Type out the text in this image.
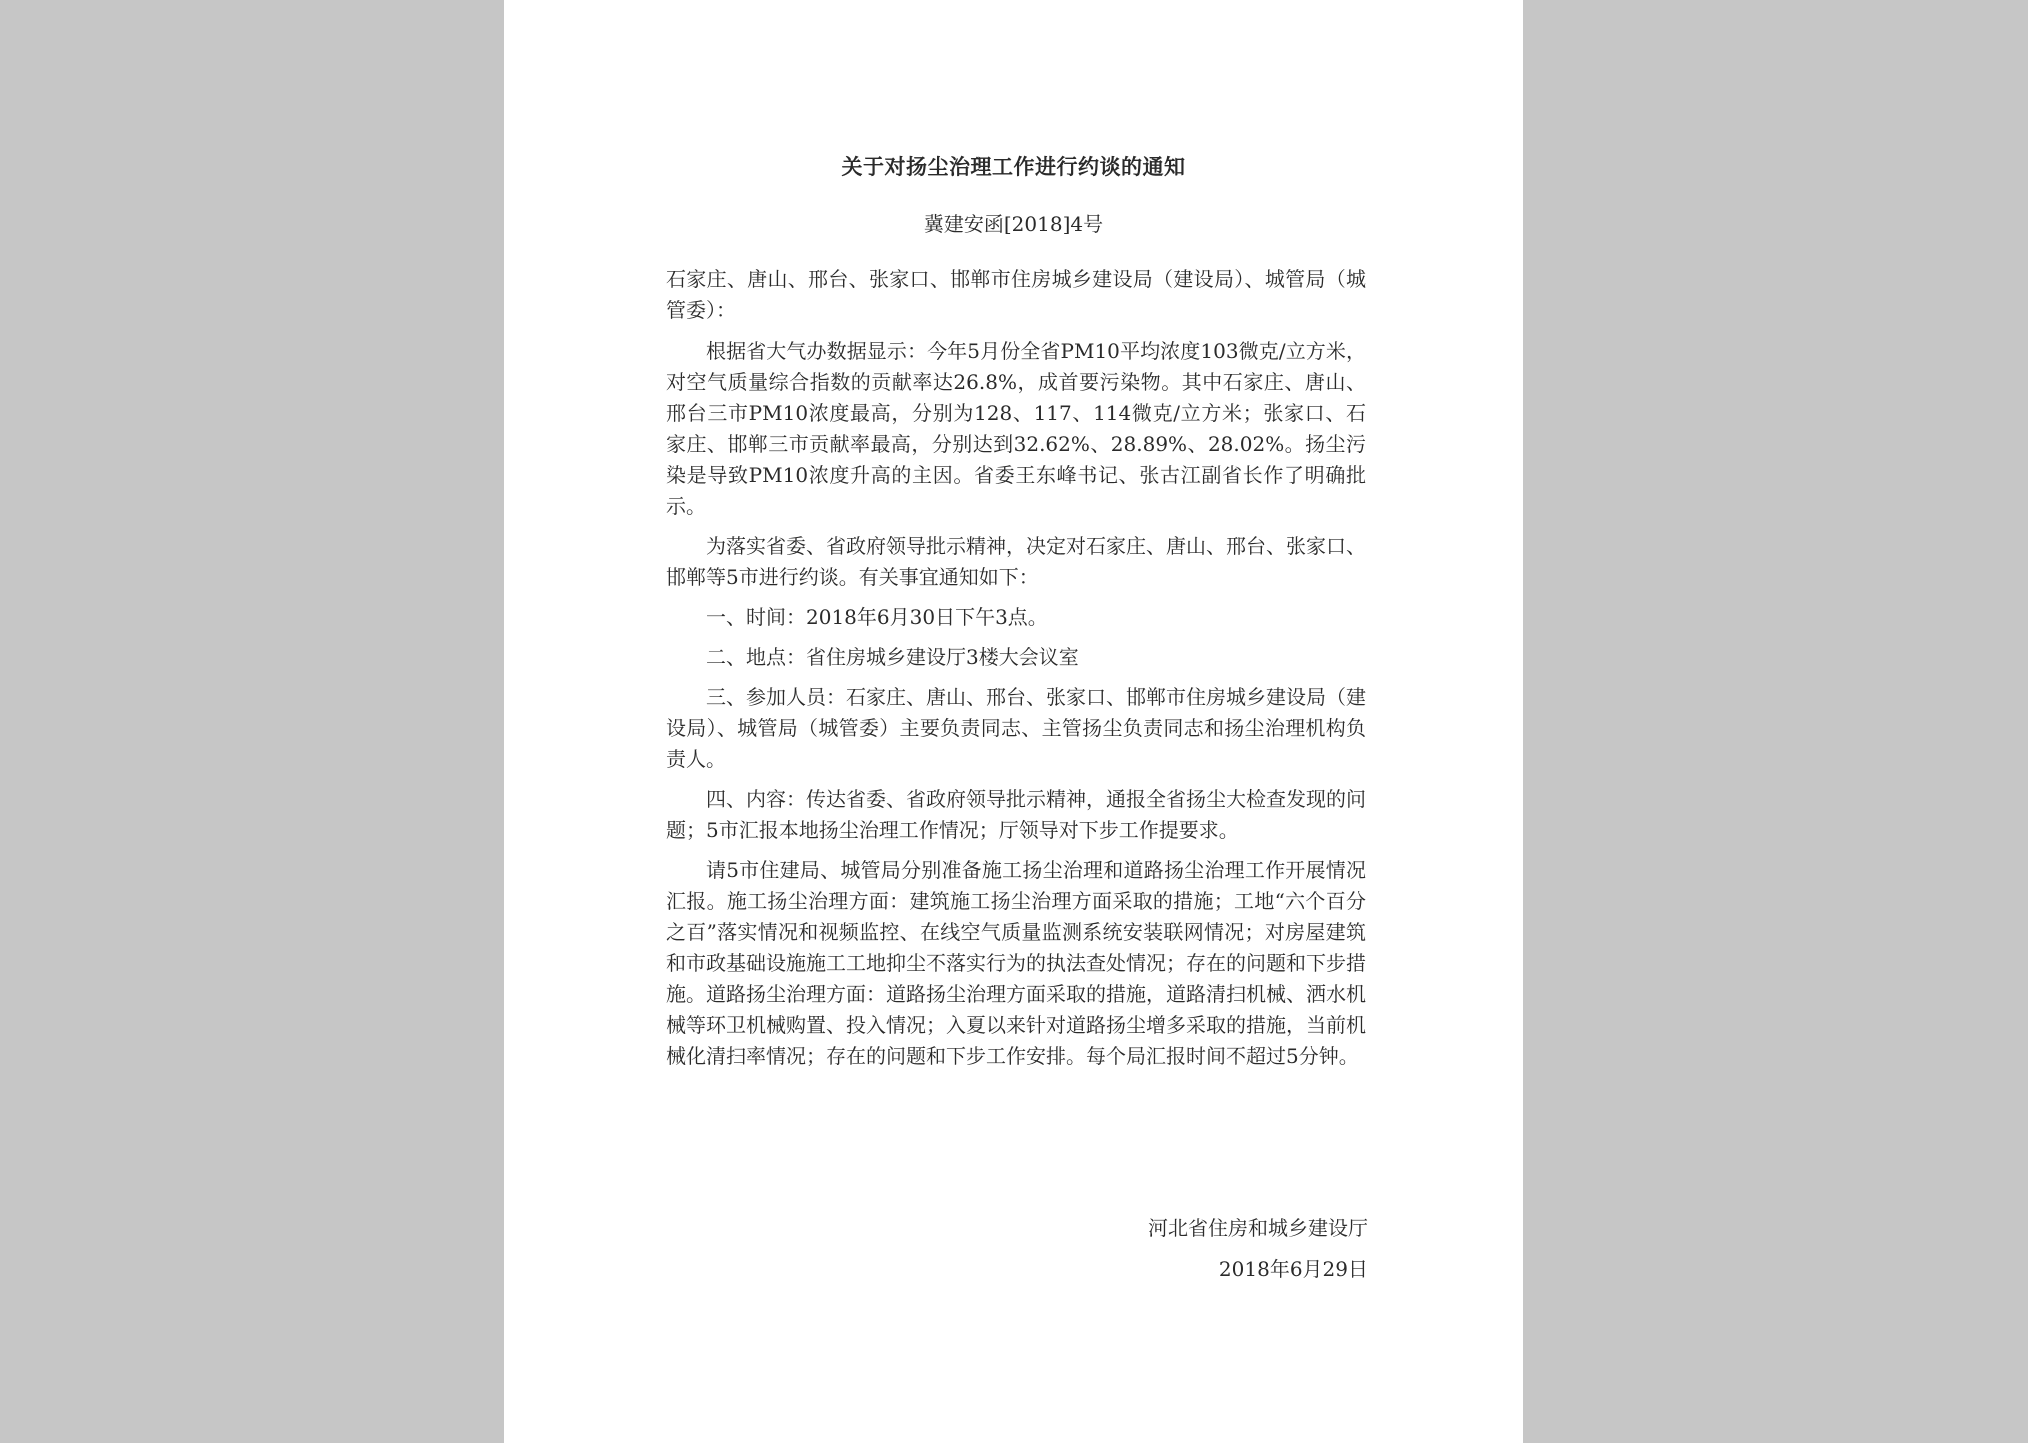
关于对扬尘治理工作进行约谈的通知
冀建安函[2018]4号

石家庄、唐山、邢台、张家口、邯郸市住房城乡建设局（建设局）、城管局（城管委）：

根据省大气办数据显示：今年5月份全省PM10平均浓度103微克/立方米，对空气质量综合指数的贡献率达26.8%，成首要污染物。其中石家庄、唐山、邢台三市PM10浓度最高，分别为128、117、114微克/立方米；张家口、石家庄、邯郸三市贡献率最高，分别达到32.62%、28.89%、28.02%。扬尘污染是导致PM10浓度升高的主因。省委王东峰书记、张古江副省长作了明确批示。

为落实省委、省政府领导批示精神，决定对石家庄、唐山、邢台、张家口、邯郸等5市进行约谈。有关事宜通知如下：

一、时间：2018年6月30日下午3点。

二、地点：省住房城乡建设厅3楼大会议室

三、参加人员：石家庄、唐山、邢台、张家口、邯郸市住房城乡建设局（建设局）、城管局（城管委）主要负责同志、主管扬尘负责同志和扬尘治理机构负责人。

四、内容：传达省委、省政府领导批示精神，通报全省扬尘大检查发现的问题；5市汇报本地扬尘治理工作情况；厅领导对下步工作提要求。

请5市住建局、城管局分别准备施工扬尘治理和道路扬尘治理工作开展情况汇报。施工扬尘治理方面：建筑施工扬尘治理方面采取的措施；工地“六个百分之百”落实情况和视频监控、在线空气质量监测系统安装联网情况；对房屋建筑和市政基础设施施工工地抑尘不落实行为的执法查处情况；存在的问题和下步措施。道路扬尘治理方面：道路扬尘治理方面采取的措施，道路清扫机械、洒水机械等环卫机械购置、投入情况；入夏以来针对道路扬尘增多采取的措施，当前机械化清扫率情况；存在的问题和下步工作安排。每个局汇报时间不超过5分钟。

河北省住房和城乡建设厅
2018年6月29日
